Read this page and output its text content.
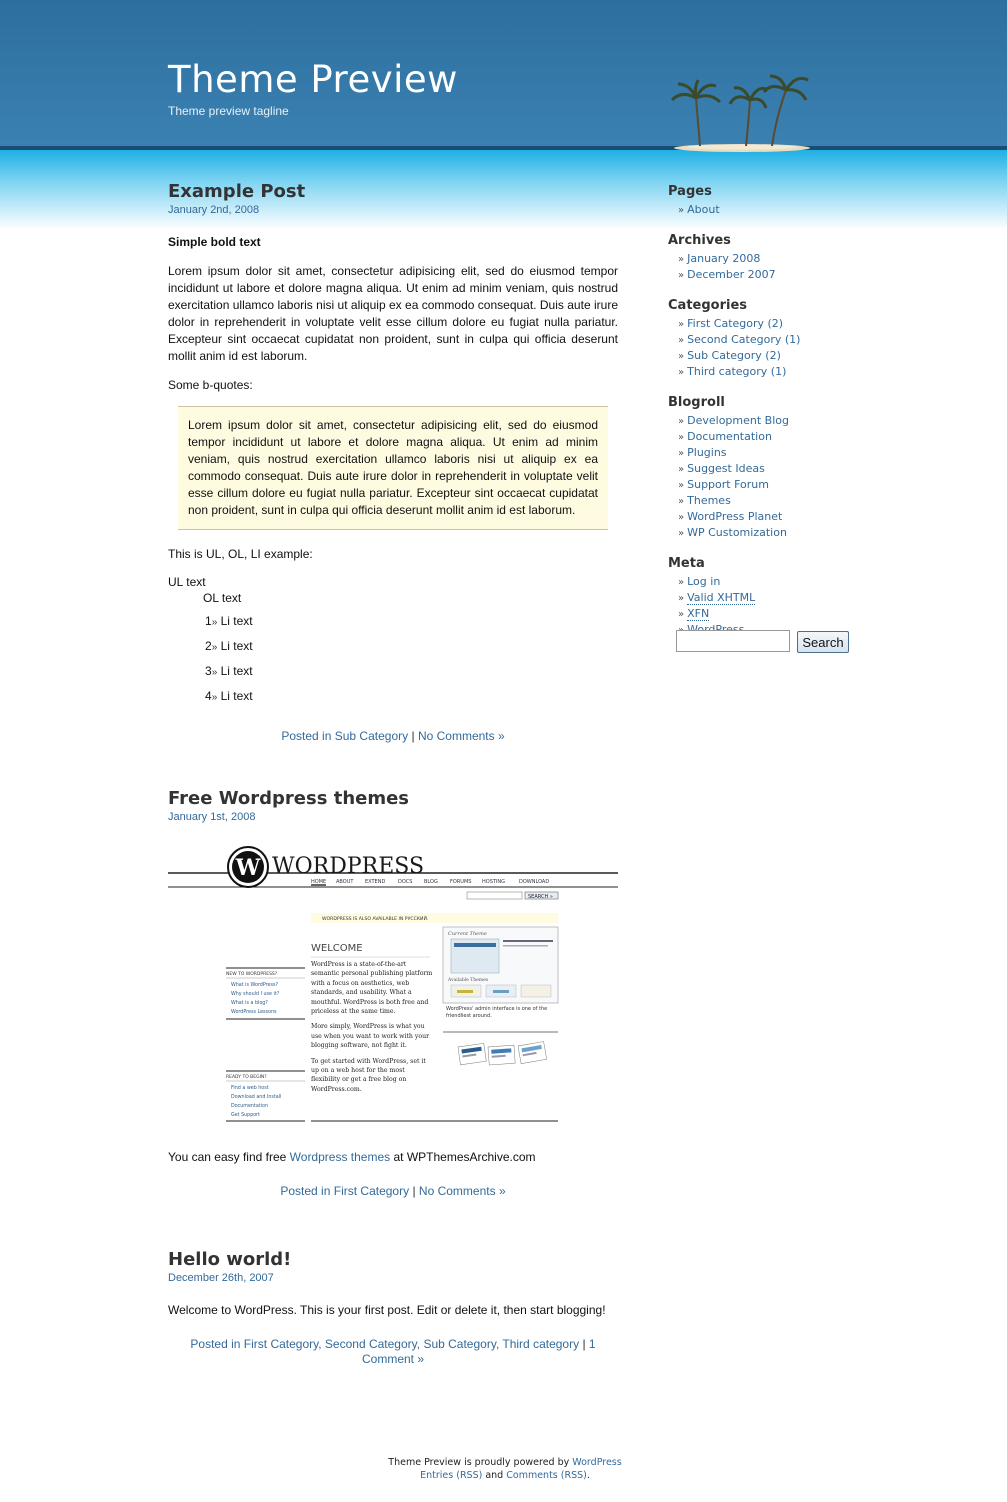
Theme Preview
Theme preview tagline
Example Post
January 2nd, 2008

Simple bold text

Lorem ipsum dolor sit amet, consectetur adipisicing elit, sed do eiusmod tempor incididunt ut labore et dolore magna aliqua. Ut enim ad minim veniam, quis nostrud exercitation ullamco laboris nisi ut aliquip ex ea commodo consequat. Duis aute irure dolor in reprehenderit in voluptate velit esse cillum dolore eu fugiat nulla pariatur. Excepteur sint occaecat cupidatat non proident, sunt in culpa qui officia deserunt mollit anim id est laborum.

Some b-quotes:

Lorem ipsum dolor sit amet, consectetur adipisicing elit, sed do eiusmod tempor incididunt ut labore et dolore magna aliqua. Ut enim ad minim veniam, quis nostrud exercitation ullamco laboris nisi ut aliquip ex ea commodo consequat. Duis aute irure dolor in reprehenderit in voluptate velit esse cillum dolore eu fugiat nulla pariatur. Excepteur sint occaecat cupidatat non proident, sunt in culpa qui officia deserunt mollit anim id est laborum.

This is UL, OL, LI example:

UL text
OL text
1» Li text
2» Li text
3» Li text
4» Li text
Posted in Sub Category | No Comments »
Free Wordpress themes
January 1st, 2008
W WORDPRESS
HOME ABOUT EXTEND	DOCS BLOG FORUMS HOSTING	DOWNLOAD
SEARCH »
WORDPRESS IS ALSO AVAILABLE IN РУССКИЙ.
WELCOME
WordPress is a state-of-the-art semantic personal publishing platform with a focus on aesthetics, web standards, and usability. What a mouthful. WordPress is both free and priceless at the same time.
More simply, WordPress is what you use when you want to work with your blogging software, not fight it.
To get started with WordPress, set it up on a web host for the most flexibility or get a free blog on WordPress.com.
NEW TO WORDPRESS?
What is WordPress?
Why should I use it?
What is a blog?
WordPress Lessons
READY TO BEGIN?
Find a web host
Download and Install
Documentation
Get Support
Current Theme
Available Themes
WordPress' admin interface is one of the friendliest around.

You can easy find free Wordpress themes at WPThemesArchive.com

Posted in First Category | No Comments »
Hello world!
December 26th, 2007

Welcome to WordPress. This is your first post. Edit or delete it, then start blogging!

Posted in First Category, Second Category, Sub Category, Third category | 1
Comment »
Pages
» About
Archives
» January 2008
» December 2007
Categories
» First Category (2)
» Second Category (1)
» Sub Category (2)
» Third category (1)
Blogroll
» Development Blog
» Documentation
» Plugins
» Suggest Ideas
» Support Forum
» Themes
» WordPress Planet
» WP Customization
Meta
» Log in
» Valid XHTML
» XFN
Search
Theme Preview is proudly powered by WordPress
Entries (RSS) and Comments (RSS).
